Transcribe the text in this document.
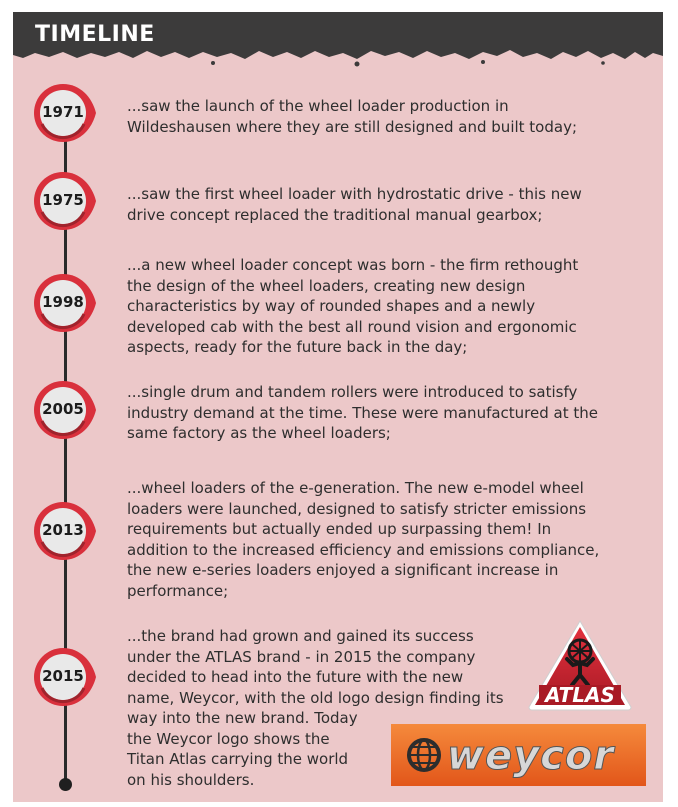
TIMELINE
1971	...saw the launch of the wheel loader production in
Wildeshausen where they are still designed and built today;
1975	...saw the first wheel loader with hydrostatic drive - this new
drive concept replaced the traditional manual gearbox;
1998
...a new wheel loader concept was born - the firm rethought
the design of the wheel loaders, creating new design
characteristics by way of rounded shapes and a newly
developed cab with the best all round vision and ergonomic
aspects, ready for the future back in the day;
2005
...single drum and tandem rollers were introduced to satisfy
industry demand at the time. These were manufactured at the
same factory as the wheel loaders;
2013
...wheel loaders of the e-generation. The new e-model wheel
loaders were launched, designed to satisfy stricter emissions
requirements but actually ended up surpassing them! In
addition to the increased efficiency and emissions compliance,
the new e-series loaders enjoyed a significant increase in
performance;
2015
...the brand had grown and gained its success
under the ATLAS brand - in 2015 the company
decided to head into the future with the new
name, Weycor, with the old logo design finding its
way into the new brand. Today
the Weycor logo shows the
Titan Atlas carrying the world
on his shoulders.
ATLAS
weycor
